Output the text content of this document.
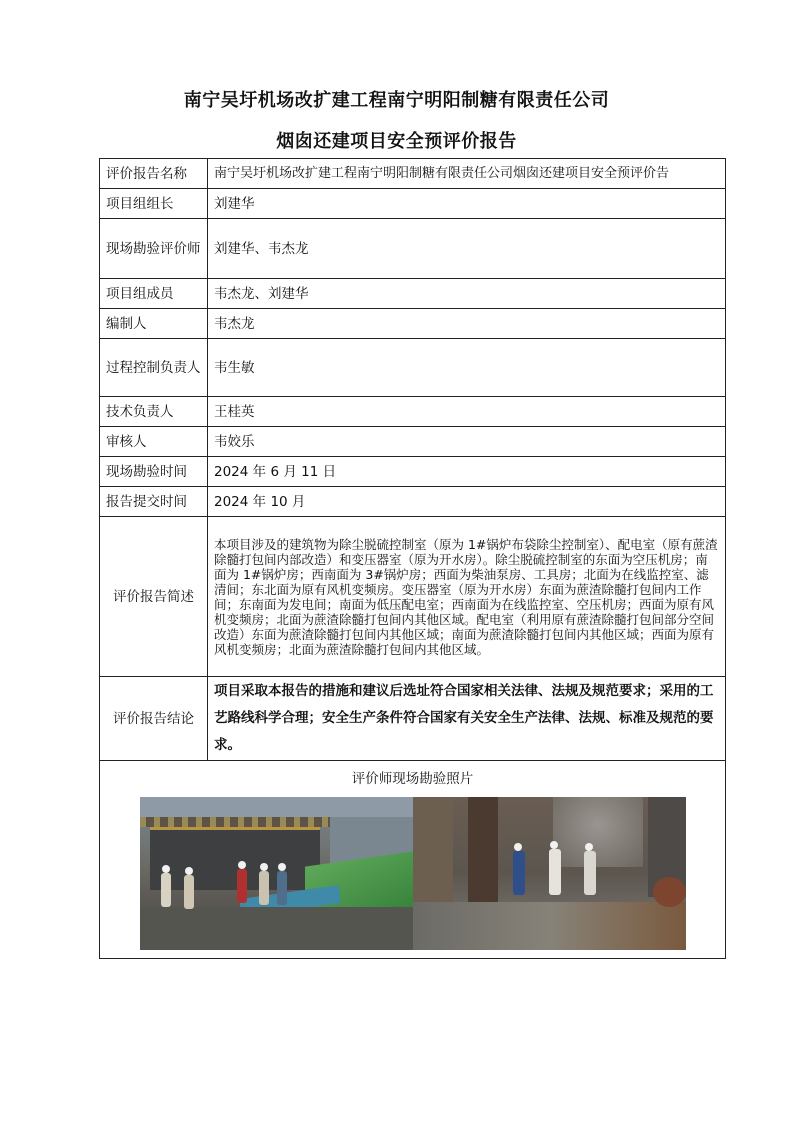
南宁吴圩机场改扩建工程南宁明阳制糖有限责任公司
烟囱还建项目安全预评价报告
评价报告名称	南宁吴圩机场改扩建工程南宁明阳制糖有限责任公司烟囱还建项目安全预评价告
项目组组长	刘建华
现场勘验评价师	刘建华、韦杰龙
项目组成员	韦杰龙、刘建华
编制人	韦杰龙
过程控制负责人	韦生敏
技术负责人	王桂英
审核人	韦姣乐
现场勘验时间	2024 年 6 月 11 日
报告提交时间	2024 年 10 月
评价报告简述	本项目涉及的建筑物为除尘脱硫控制室（原为 1#锅炉布袋除尘控制室）、配电室（原有蔗渣除髓打包间内部改造）和变压器室（原为开水房）。除尘脱硫控制室的东面为空压机房；南面为 1#锅炉房；西南面为 3#锅炉房；西面为柴油泵房、工具房；北面为在线监控室、滤清间；东北面为原有风机变频房。变压器室（原为开水房）东面为蔗渣除髓打包间内工作间；东南面为发电间；南面为低压配电室；西南面为在线监控室、空压机房；西面为原有风机变频房；北面为蔗渣除髓打包间内其他区域。配电室（利用原有蔗渣除髓打包间部分空间改造）东面为蔗渣除髓打包间内其他区域；南面为蔗渣除髓打包间内其他区域；西面为原有风机变频房；北面为蔗渣除髓打包间内其他区域。
评价报告结论	项目采取本报告的措施和建议后选址符合国家相关法律、法规及规范要求；采用的工艺路线科学合理；安全生产条件符合国家有关安全生产法律、法规、标准及规范的要求。

评价师现场勘验照片	
